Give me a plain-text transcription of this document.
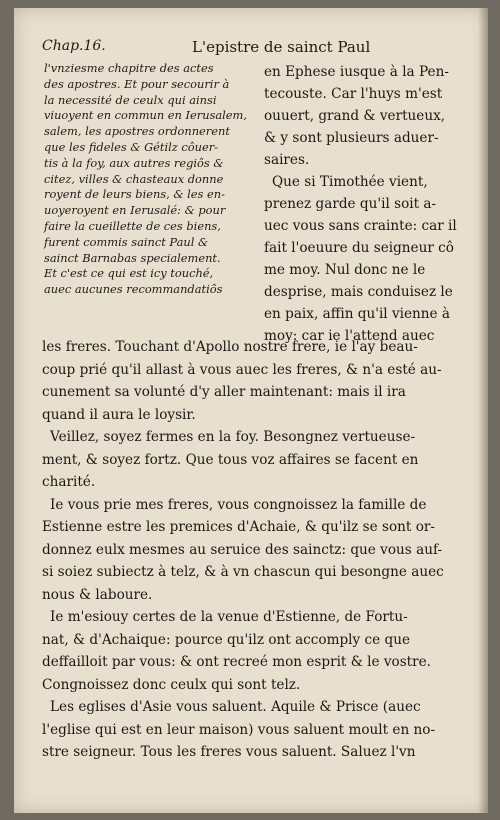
Chap.16.	L'epistre de sainct Paul
l'vnziesme chapitre des actes
des apostres. Et pour secourir à
la necessité de ceulx qui ainsi
viuoyent en commun en Ierusalem,
salem, les apostres ordonnerent
que les fideles & Gétilz côuer-
tis à la foy, aux autres regiôs &
citez, villes & chasteaux donne
royent de leurs biens, & les en-
uoyeroyent en Ierusalé: & pour
faire la cueillette de ces biens,
furent commis sainct Paul &
sainct Barnabas specialement.
Et c'est ce qui est icy touché,
auec aucunes recommandatiôs
en Ephese iusque à la Pen-
tecouste. Car l'huys m'est
ouuert, grand & vertueux,
& y sont plusieurs aduer-
saires.
Que si Timothée vient,
prenez garde qu'il soit a-
uec vous sans crainte: car il
fait l'oeuure du seigneur cô
me moy. Nul donc ne le
desprise, mais conduisez le
en paix, affin qu'il vienne à
moy: car ie l'attend auec
les freres. Touchant d'Apollo nostre frere, ie l'ay beau-
coup prié qu'il allast à vous auec les freres, & n'a esté au-
cunement sa volunté d'y aller maintenant: mais il ira
quand il aura le loysir.
Veillez, soyez fermes en la foy. Besongnez vertueuse-
ment, & soyez fortz. Que tous voz affaires se facent en
charité.
Ie vous prie mes freres, vous congnoissez la famille de
Estienne estre les premices d'Achaie, & qu'ilz se sont or-
donnez eulx mesmes au seruice des sainctz: que vous auf-
si soiez subiectz à telz, & à vn chascun qui besongne auec
nous & laboure.
Ie m'esiouy certes de la venue d'Estienne, de Fortu-
nat, & d'Achaique: pource qu'ilz ont accomply ce que
deffailloit par vous: & ont recreé mon esprit & le vostre.
Congnoissez donc ceulx qui sont telz.
Les eglises d'Asie vous saluent. Aquile & Prisce (auec
l'eglise qui est en leur maison) vous saluent moult en no-
stre seigneur. Tous les freres vous saluent. Saluez l'vn
